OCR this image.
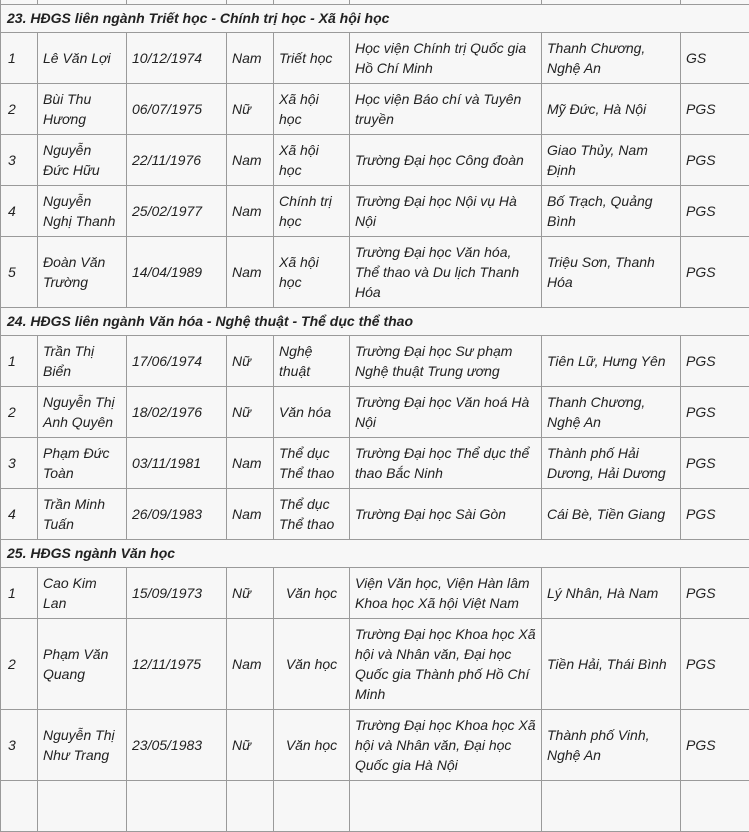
23. HĐGS liên ngành Triết học - Chính trị học - Xã hội học							
1	Lê Văn Lợi	10/12/1974	Nam	Triết học	Học viện Chính trị Quốc gia Hồ Chí Minh	Thanh Chương, Nghệ An	GS
2	Bùi Thu Hương	06/07/1975	Nữ	Xã hội học	Học viện Báo chí và Tuyên truyền	Mỹ Đức, Hà Nội	PGS
3	Nguyễn Đức Hữu	22/11/1976	Nam	Xã hội học	Trường Đại học Công đoàn	Giao Thủy, Nam Định	PGS
4	Nguyễn Nghị Thanh	25/02/1977	Nam	Chính trị học	Trường Đại học Nội vụ Hà Nội	Bố Trạch, Quảng Bình	PGS
5	Đoàn Văn Trường	14/04/1989	Nam	Xã hội học	Trường Đại học Văn hóa, Thể thao và Du lịch Thanh Hóa	Triệu Sơn, Thanh Hóa	PGS
24. HĐGS liên ngành Văn hóa - Nghệ thuật - Thể dục thể thao							
1	Trần Thị Biển	17/06/1974	Nữ	Nghệ thuật	Trường Đại học Sư phạm Nghệ thuật Trung ương	Tiên Lữ, Hưng Yên	PGS
2	Nguyễn Thị Anh Quyên	18/02/1976	Nữ	Văn hóa	Trường Đại học Văn hoá Hà Nội	Thanh Chương, Nghệ An	PGS
3	Phạm Đức Toàn	03/11/1981	Nam	Thể dục Thể thao	Trường Đại học Thể dục thể thao Bắc Ninh	Thành phố Hải Dương, Hải Dương	PGS
4	Trần Minh Tuấn	26/09/1983	Nam	Thể dục Thể thao	Trường Đại học Sài Gòn	Cái Bè, Tiền Giang	PGS
25. HĐGS ngành Văn học							
1	Cao Kim Lan	15/09/1973	Nữ	Văn học	Viện Văn học, Viện Hàn lâm Khoa học Xã hội Việt Nam	Lý Nhân, Hà Nam	PGS
2	Phạm Văn Quang	12/11/1975	Nam	Văn học	Trường Đại học Khoa học Xã hội và Nhân văn, Đại học Quốc gia Thành phố Hồ Chí Minh	Tiền Hải, Thái Bình	PGS
3	Nguyễn Thị Như Trang	23/05/1983	Nữ	Văn học	Trường Đại học Khoa học Xã hội và Nhân văn, Đại học Quốc gia Hà Nội	Thành phố Vinh, Nghệ An	PGS
